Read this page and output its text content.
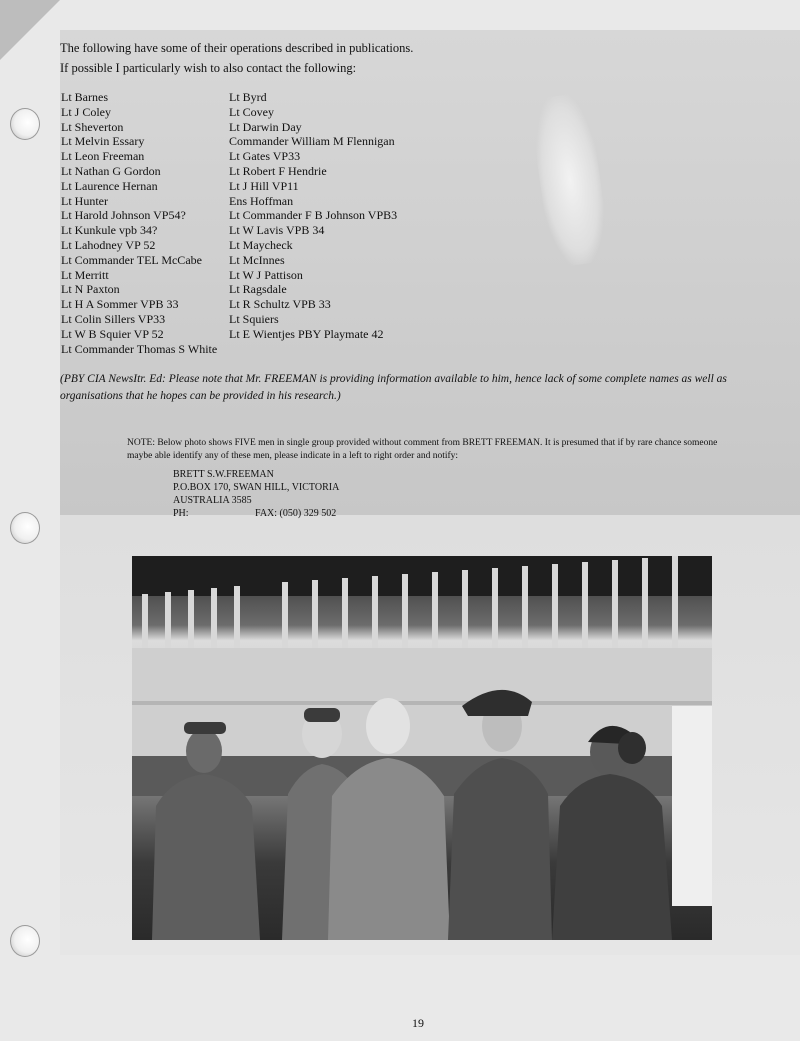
The following have some of their operations described in publications.
If possible I particularly wish to also contact the following:
Lt Barnes
Lt J Coley
Lt Sheverton
Lt Melvin Essary
Lt Leon Freeman
Lt Nathan G Gordon
Lt Laurence Hernan
Lt Hunter
Lt Harold Johnson VP54?
Lt Kunkule vpb 34?
Lt Lahodney VP 52
Lt Commander TEL McCabe
Lt Merritt
Lt N Paxton
Lt H A Sommer VPB 33
Lt Colin Sillers VP33
Lt W B Squier VP 52
Lt Commander Thomas S White
Lt Byrd
Lt Covey
Lt Darwin Day
Commander William M Flennigan
Lt Gates VP33
Lt Robert F Hendrie
Lt J Hill VP11
Ens Hoffman
Lt Commander F B Johnson VPB3
Lt W Lavis VPB 34
Lt Maycheck
Lt McInnes
Lt W J Pattison
Lt Ragsdale
Lt R Schultz VPB 33
Lt Squiers
Lt E Wientjes PBY Playmate 42
(PBY CIA NewsItr. Ed: Please note that Mr. FREEMAN is providing information available to him, hence lack of some complete names as well as organisations that he hopes can be provided in his research.)
NOTE: Below photo shows FIVE men in single group provided without comment from BRETT FREEMAN. It is presumed that if by rare chance someone maybe able identify any of these men, please indicate in a left to right order and notify:
BRETT S.W.FREEMAN
P.O.BOX 170, SWAN HILL, VICTORIA
AUSTRALIA 3585
PH:	FAX: (050) 329 502
19
